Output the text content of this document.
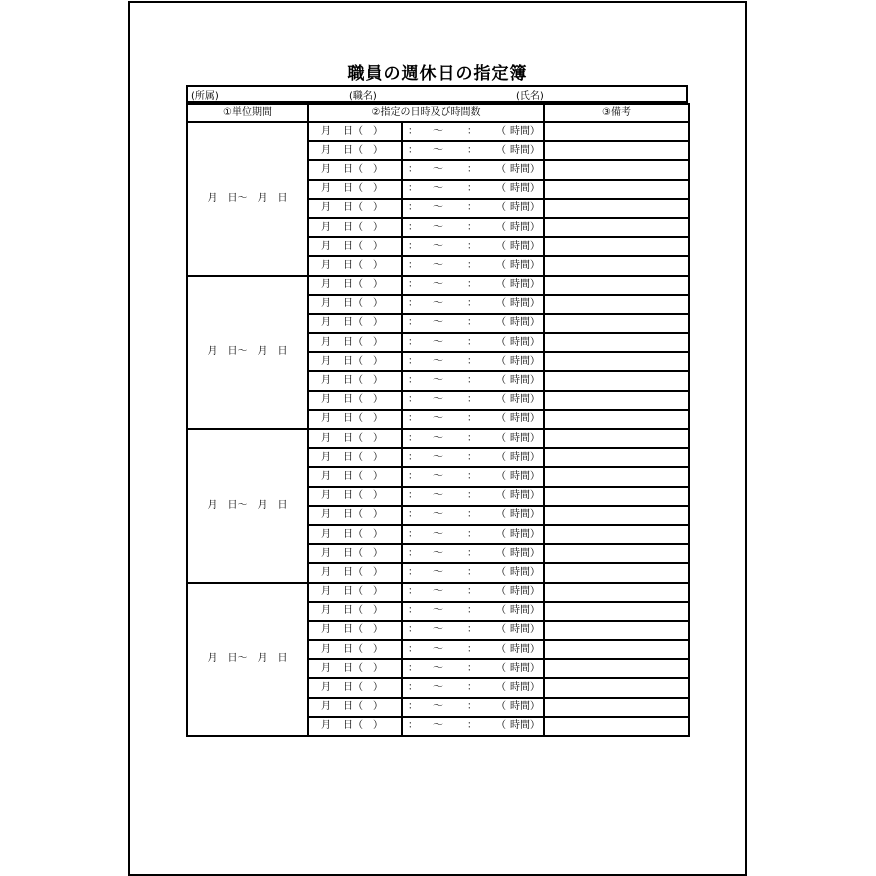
職員の週休日の指定簿
(所属)	(職名)	(氏名)
①単位期間	②指定の日時及び時間数		③備考
月　日～　月　日	月 日（　）	： ～ ： （ 時間）	
	月 日（　）	： ～ ： （ 時間）	
	月 日（　）	： ～ ： （ 時間）	
	月 日（　）	： ～ ： （ 時間）	
	月 日（　）	： ～ ： （ 時間）	
	月 日（　）	： ～ ： （ 時間）	
	月 日（　）	： ～ ： （ 時間）	
	月 日（　）	： ～ ： （ 時間）	
月　日～　月　日	月 日（　）	： ～ ： （ 時間）	
	月 日（　）	： ～ ： （ 時間）	
	月 日（　）	： ～ ： （ 時間）	
	月 日（　）	： ～ ： （ 時間）	
	月 日（　）	： ～ ： （ 時間）	
	月 日（　）	： ～ ： （ 時間）	
	月 日（　）	： ～ ： （ 時間）	
	月 日（　）	： ～ ： （ 時間）	
月　日～　月　日	月 日（　）	： ～ ： （ 時間）	
	月 日（　）	： ～ ： （ 時間）	
	月 日（　）	： ～ ： （ 時間）	
	月 日（　）	： ～ ： （ 時間）	
	月 日（　）	： ～ ： （ 時間）	
	月 日（　）	： ～ ： （ 時間）	
	月 日（　）	： ～ ： （ 時間）	
	月 日（　）	： ～ ： （ 時間）	
月　日～　月　日	月 日（　）	： ～ ： （ 時間）	
	月 日（　）	： ～ ： （ 時間）	
	月 日（　）	： ～ ： （ 時間）	
	月 日（　）	： ～ ： （ 時間）	
	月 日（　）	： ～ ： （ 時間）	
	月 日（　）	： ～ ： （ 時間）	
	月 日（　）	： ～ ： （ 時間）	
	月 日（　）	： ～ ： （ 時間）	
